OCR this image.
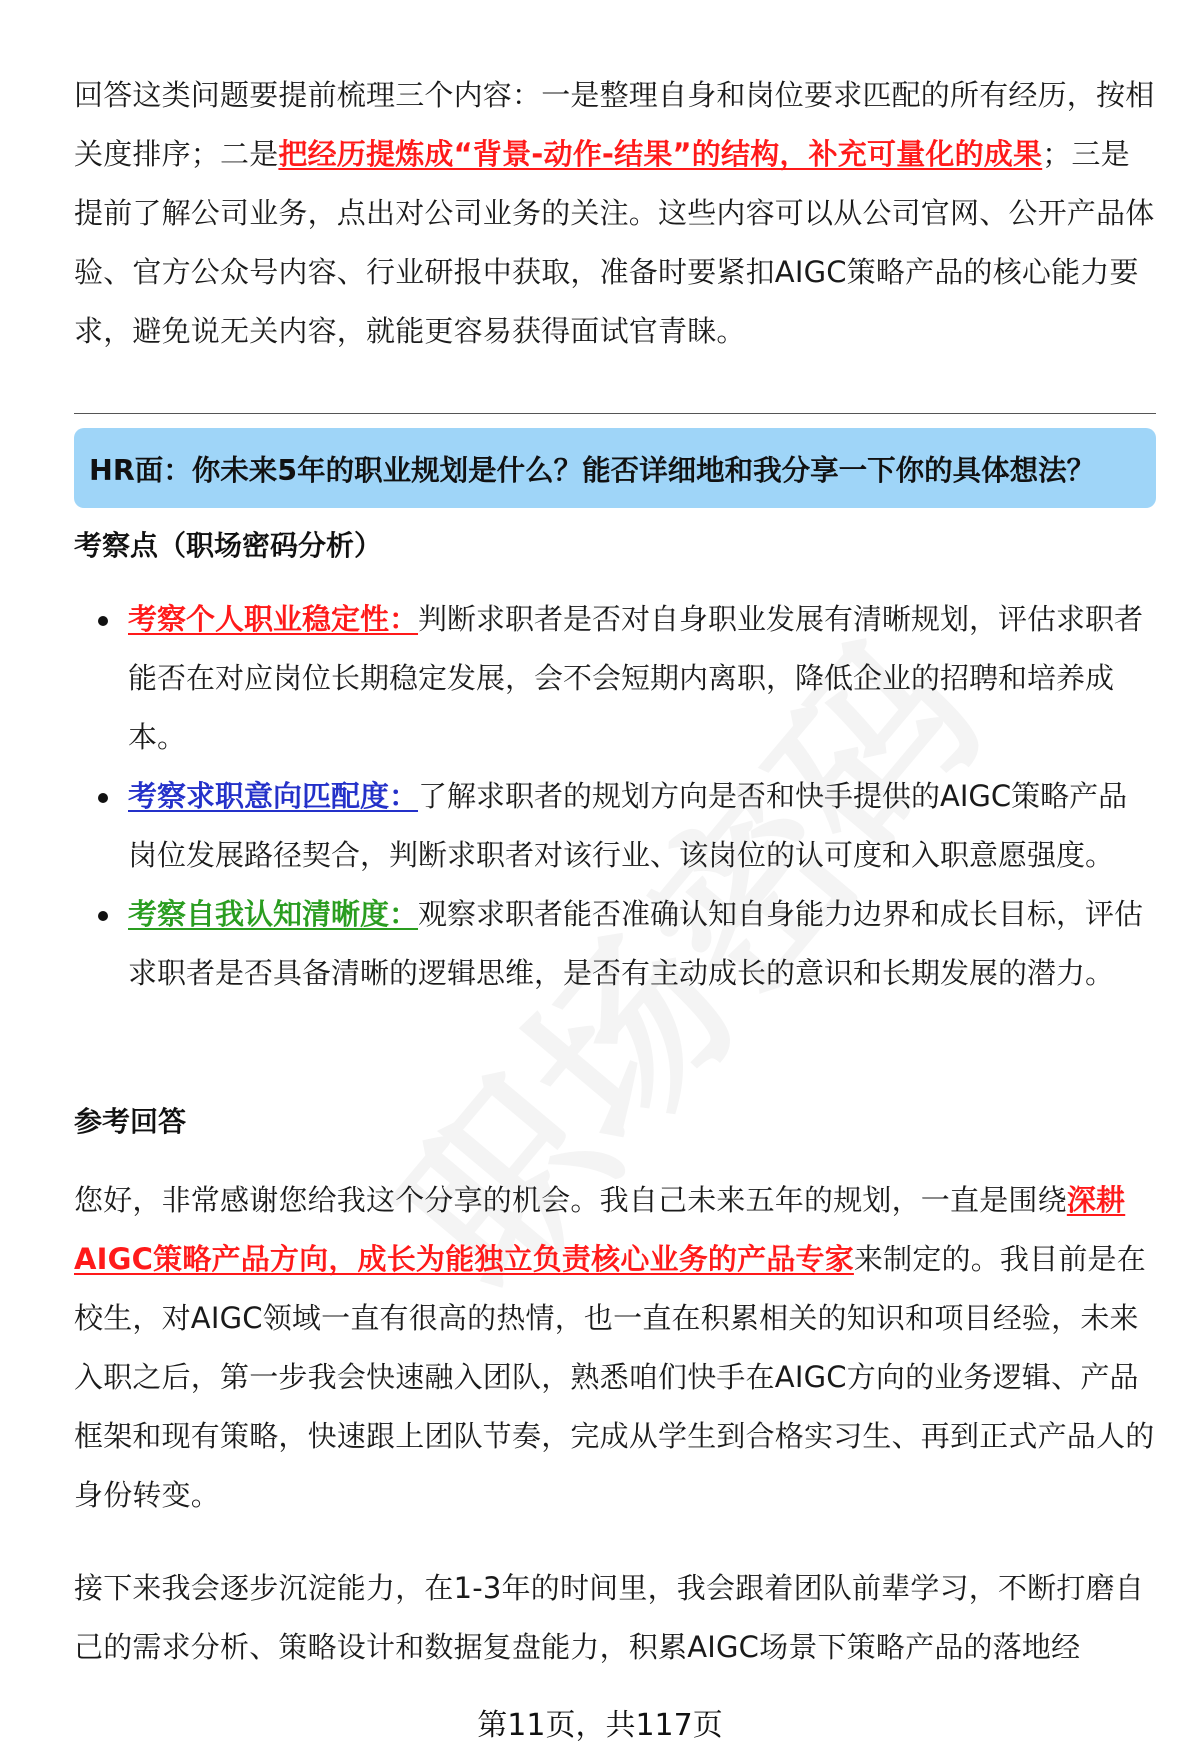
回答这类问题要提前梳理三个内容：一是整理自身和岗位要求匹配的所有经历，按相关度排序；二是把经历提炼成“背景-动作-结果”的结构，补充可量化的成果；三是提前了解公司业务，点出对公司业务的关注。这些内容可以从公司官网、公开产品体验、官方公众号内容、行业研报中获取，准备时要紧扣AIGC策略产品的核心能力要求，避免说无关内容，就能更容易获得面试官青睐。

HR面：你未来5年的职业规划是什么？能否详细地和我分享一下你的具体想法？

考察点（职场密码分析）

考察个人职业稳定性：判断求职者是否对自身职业发展有清晰规划，评估求职者能否在对应岗位长期稳定发展，会不会短期内离职，降低企业的招聘和培养成本。
考察求职意向匹配度：了解求职者的规划方向是否和快手提供的AIGC策略产品岗位发展路径契合，判断求职者对该行业、该岗位的认可度和入职意愿强度。
考察自我认知清晰度：观察求职者能否准确认知自身能力边界和成长目标，评估求职者是否具备清晰的逻辑思维，是否有主动成长的意识和长期发展的潜力。

参考回答

您好，非常感谢您给我这个分享的机会。我自己未来五年的规划，一直是围绕深耕AIGC策略产品方向，成长为能独立负责核心业务的产品专家来制定的。我目前是在校生，对AIGC领域一直有很高的热情，也一直在积累相关的知识和项目经验，未来入职之后，第一步我会快速融入团队，熟悉咱们快手在AIGC方向的业务逻辑、产品框架和现有策略，快速跟上团队节奏，完成从学生到合格实习生、再到正式产品人的身份转变。

接下来我会逐步沉淀能力，在1-3年的时间里，我会跟着团队前辈学习，不断打磨自己的需求分析、策略设计和数据复盘能力，积累AIGC场景下策略产品的落地经

第11页，共117页
